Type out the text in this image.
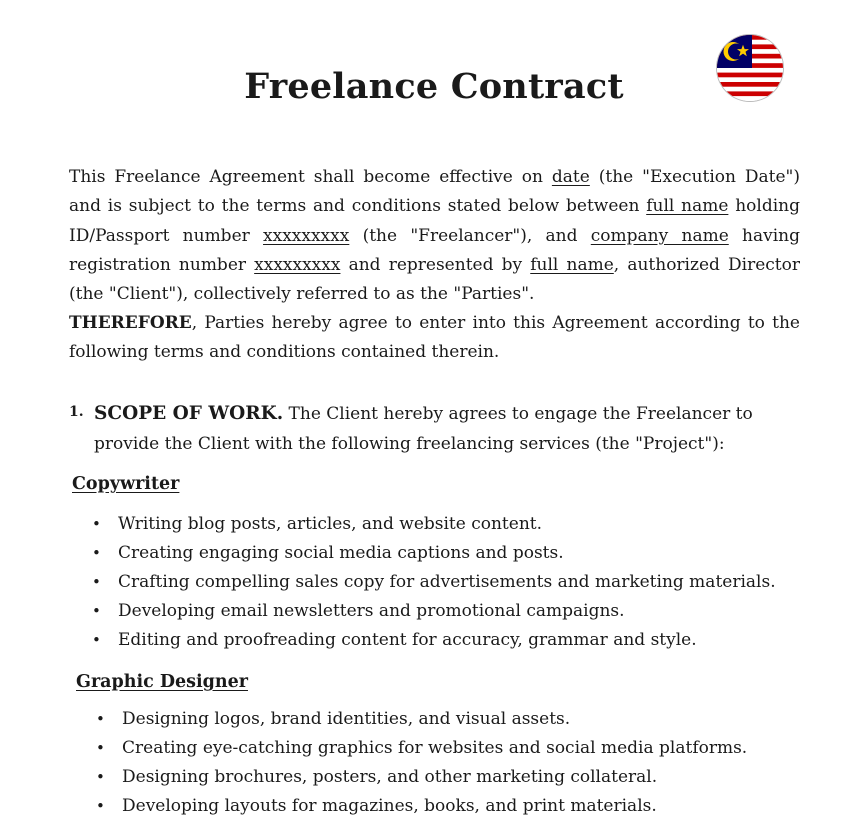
Freelance Contract

This Freelance Agreement shall become effective on date (the "Execution Date") and is subject to the terms and conditions stated below between full name holding ID/Passport number xxxxxxxxx (the "Freelancer"), and company name having registration number xxxxxxxxx and represented by full name, authorized Director (the "Client"), collectively referred to as the "Parties".

THEREFORE, Parties hereby agree to enter into this Agreement according to the following terms and conditions contained therein.

1. SCOPE OF WORK. The Client hereby agrees to engage the Freelancer to provide the Client with the following freelancing services (the "Project"):

Copywriter
• Writing blog posts, articles, and website content.
• Creating engaging social media captions and posts.
• Crafting compelling sales copy for advertisements and marketing materials.
• Developing email newsletters and promotional campaigns.
• Editing and proofreading content for accuracy, grammar and style.
Graphic Designer
• Designing logos, brand identities, and visual assets.
• Creating eye-catching graphics for websites and social media platforms.
• Designing brochures, posters, and other marketing collateral.
• Developing layouts for magazines, books, and print materials.
